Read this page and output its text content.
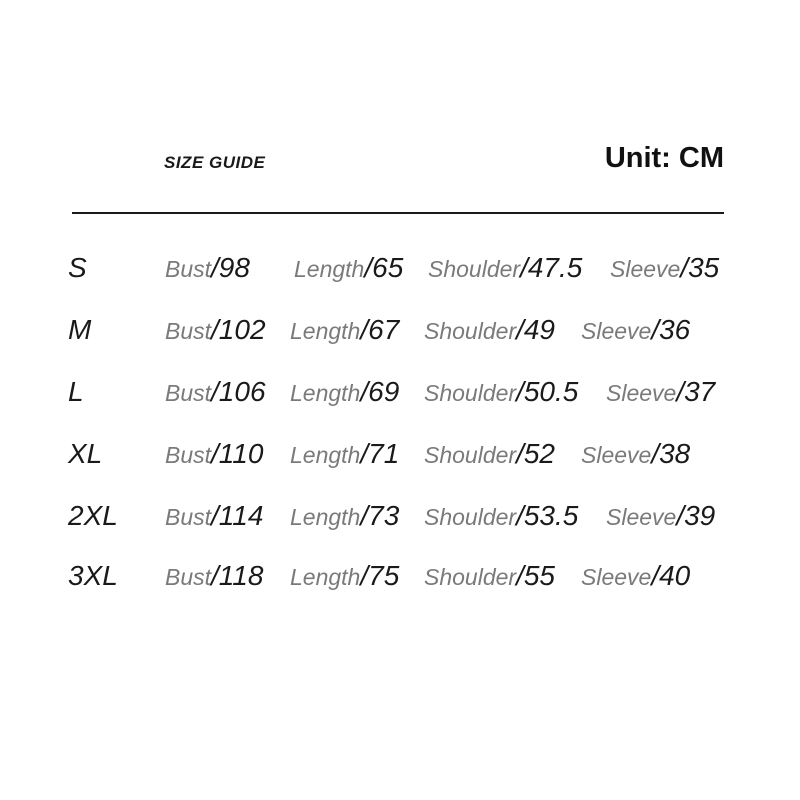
SIZE GUIDE	Unit: CM
S	Bust/98 Length/65 Shoulder/47.5 Sleeve/35
M	Bust/102 Length/67 Shoulder/49 Sleeve/36
L	Bust/106 Length/69 Shoulder/50.5 Sleeve/37
XL	Bust/110 Length/71 Shoulder/52 Sleeve/38
2XL Bust/114 Length/73 Shoulder/53.5 Sleeve/39
3XL Bust/118 Length/75 Shoulder/55 Sleeve/40
